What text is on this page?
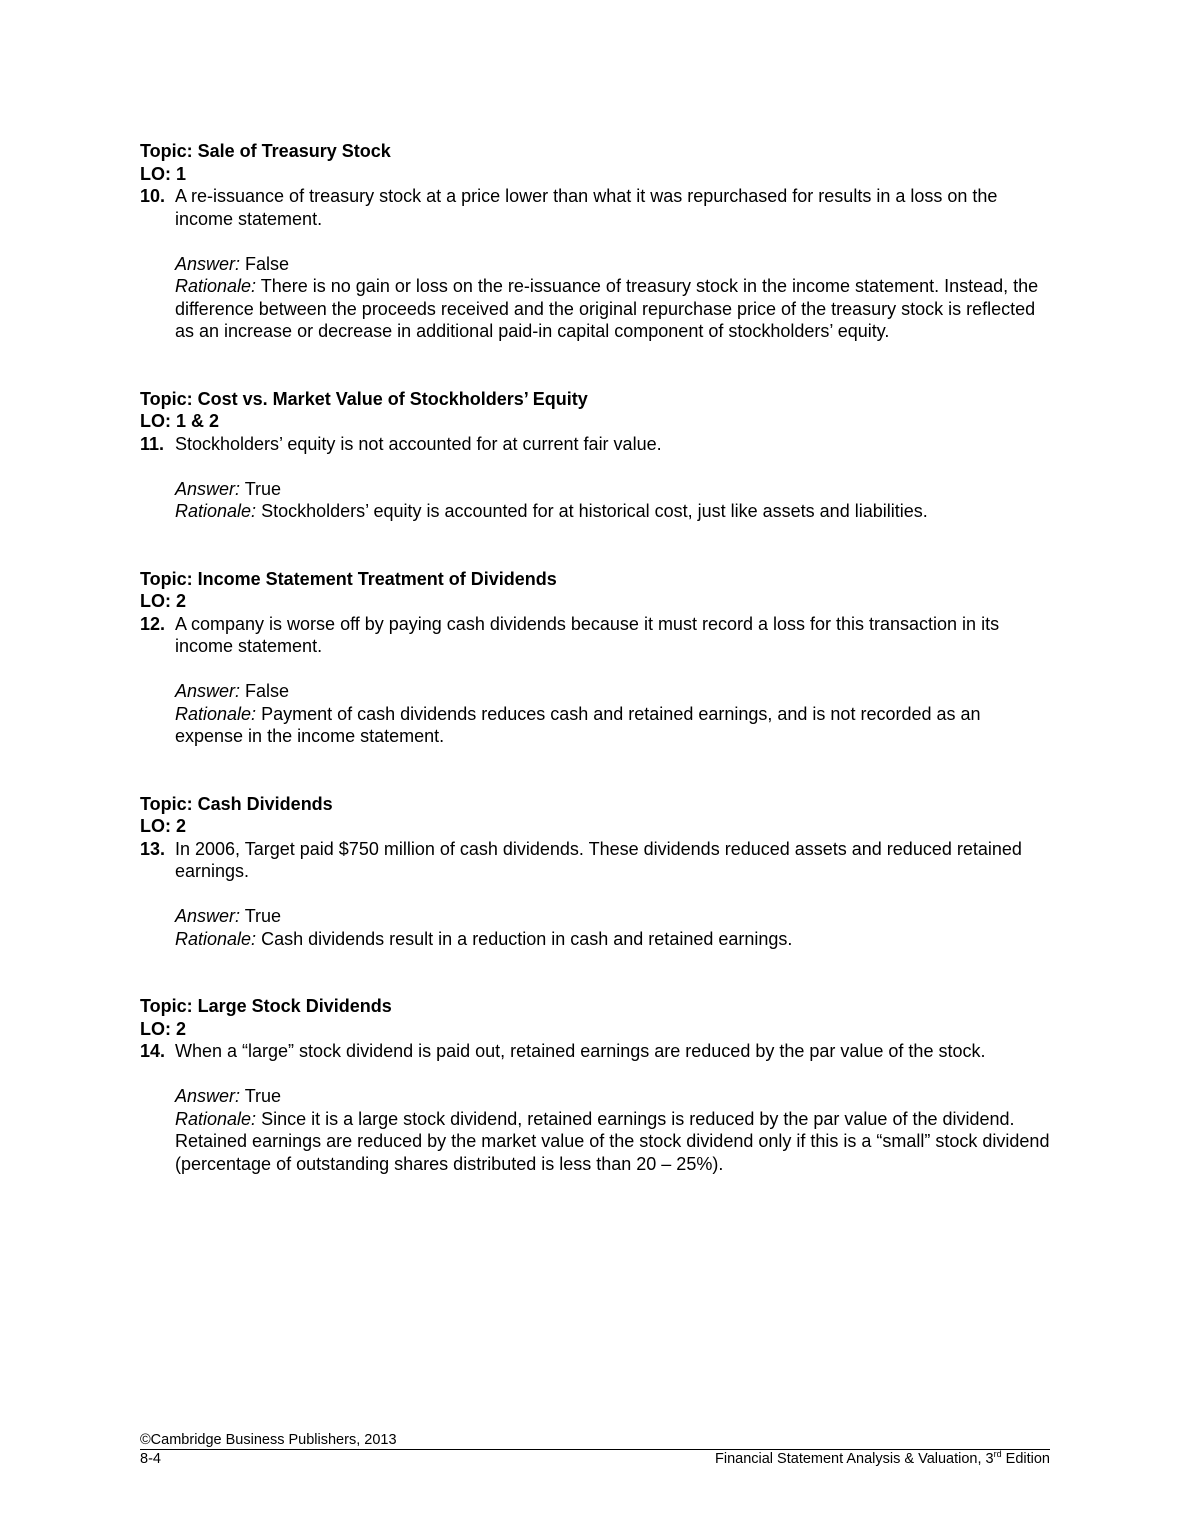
Topic: Sale of Treasury Stock

LO: 1

10. A re-issuance of treasury stock at a price lower than what it was repurchased for results in a loss on the income statement.

Answer: False

Rationale: There is no gain or loss on the re-issuance of treasury stock in the income statement. Instead, the difference between the proceeds received and the original repurchase price of the treasury stock is reflected as an increase or decrease in additional paid-in capital component of stockholders’ equity.

Topic: Cost vs. Market Value of Stockholders’ Equity

LO: 1 & 2

11. Stockholders’ equity is not accounted for at current fair value.

Answer: True

Rationale: Stockholders’ equity is accounted for at historical cost, just like assets and liabilities.

Topic: Income Statement Treatment of Dividends

LO: 2

12. A company is worse off by paying cash dividends because it must record a loss for this transaction in its income statement.

Answer: False

Rationale: Payment of cash dividends reduces cash and retained earnings, and is not recorded as an expense in the income statement.

Topic: Cash Dividends

LO: 2

13. In 2006, Target paid $750 million of cash dividends. These dividends reduced assets and reduced retained earnings.

Answer: True

Rationale: Cash dividends result in a reduction in cash and retained earnings.

Topic: Large Stock Dividends

LO: 2

14. When a “large” stock dividend is paid out, retained earnings are reduced by the par value of the stock.

Answer: True

Rationale: Since it is a large stock dividend, retained earnings is reduced by the par value of the dividend. Retained earnings are reduced by the market value of the stock dividend only if this is a “small” stock dividend (percentage of outstanding shares distributed is less than 20 – 25%).

©Cambridge Business Publishers, 2013
8-4	Financial Statement Analysis & Valuation, 3rd Edition
